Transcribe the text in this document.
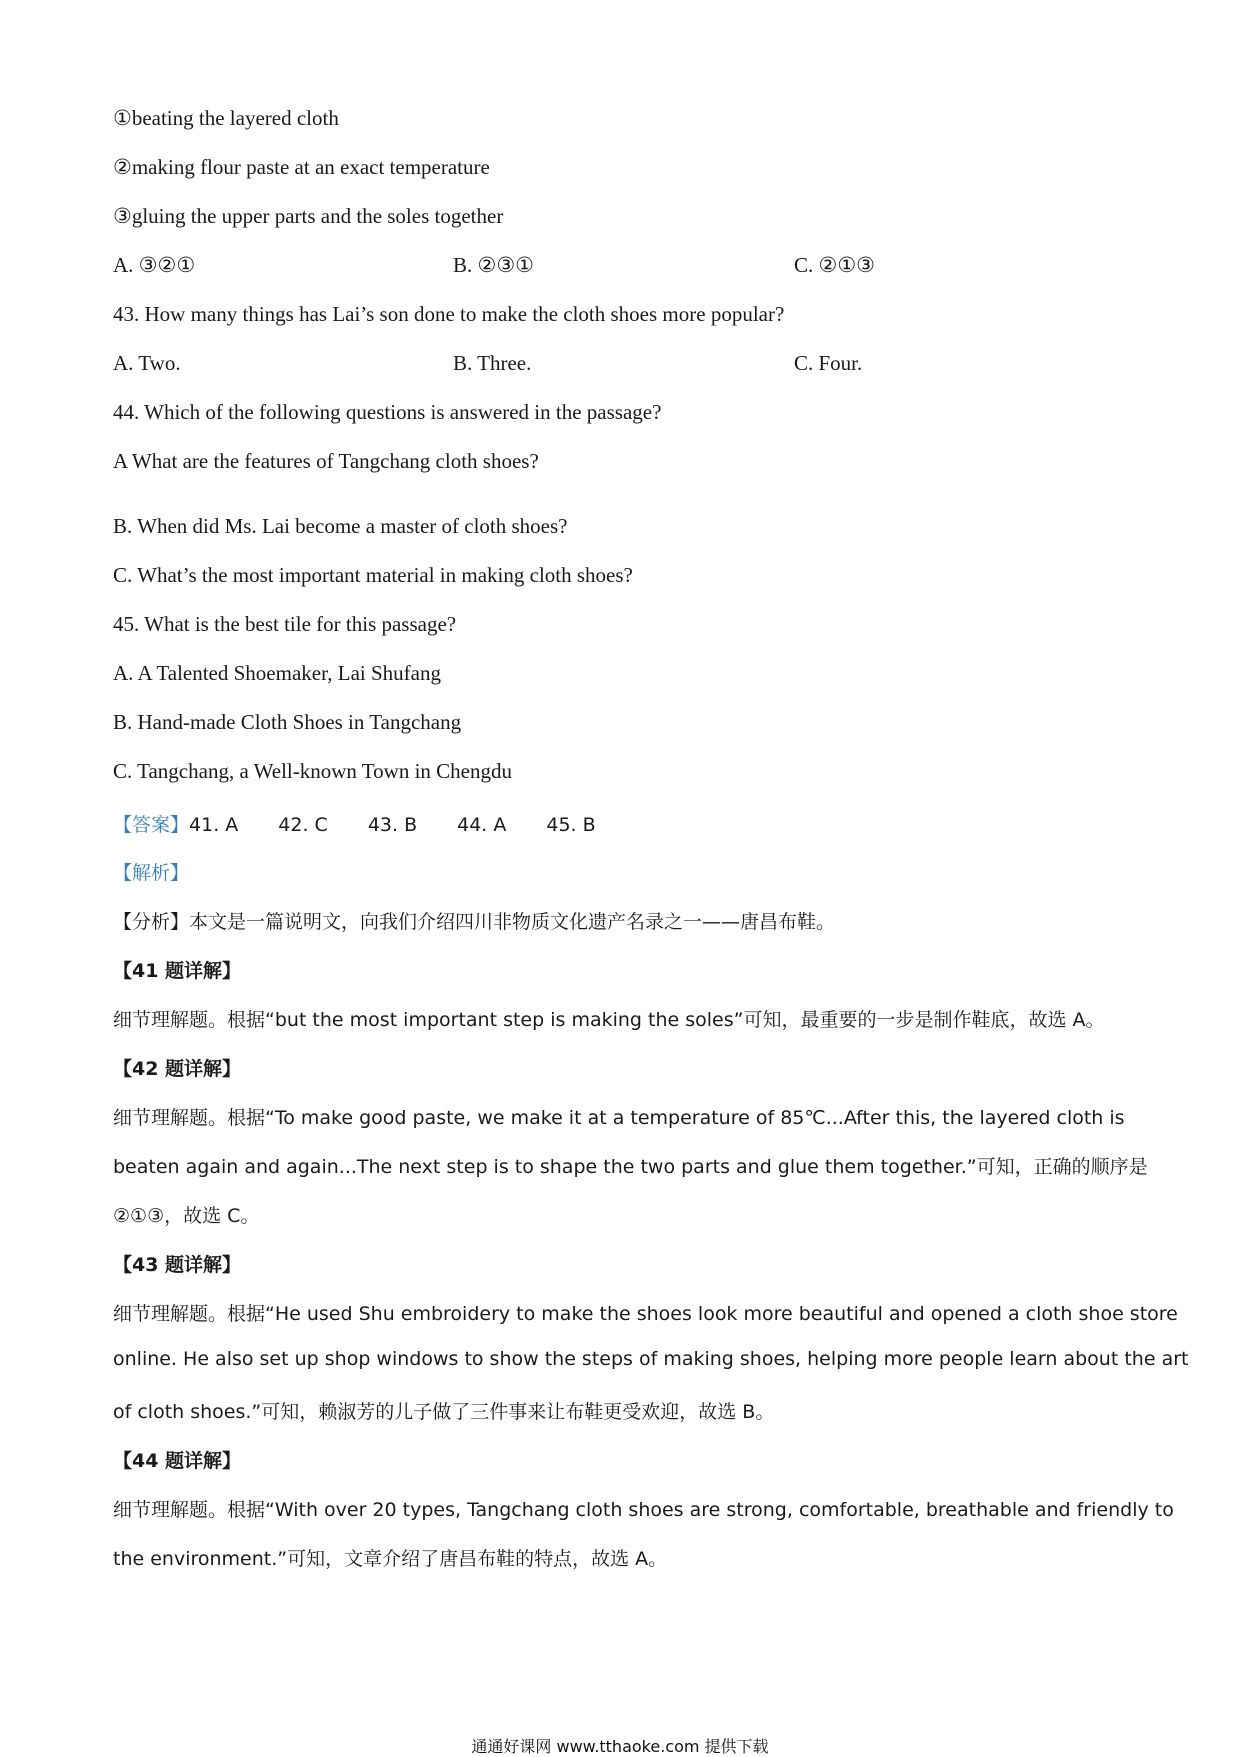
①beating the layered cloth
②making flour paste at an exact temperature
③gluing the upper parts and the soles together
A. ③②①	B. ②③①	C. ②①③
43. How many things has Lai’s son done to make the cloth shoes more popular?
A. Two.	B. Three.	C. Four.
44. Which of the following questions is answered in the passage?
A What are the features of Tangchang cloth shoes?
B. When did Ms. Lai become a master of cloth shoes?
C. What’s the most important material in making cloth shoes?
45. What is the best tile for this passage?
A. A Talented Shoemaker, Lai Shufang
B. Hand-made Cloth Shoes in Tangchang
C. Tangchang, a Well-known Town in Chengdu
【答案】41. A 42. C 43. B 44. A 45. B
【解析】
【分析】本文是一篇说明文，向我们介绍四川非物质文化遗产名录之一——唐昌布鞋。
【41 题详解】
细节理解题。根据“but the most important step is making the soles”可知，最重要的一步是制作鞋底，故选 A。
【42 题详解】
细节理解题。根据“To make good paste, we make it at a temperature of 85℃...After this, the layered cloth is
beaten again and again...The next step is to shape the two parts and glue them together.”可知，正确的顺序是
②①③，故选 C。
【43 题详解】
细节理解题。根据“He used Shu embroidery to make the shoes look more beautiful and opened a cloth shoe store
online. He also set up shop windows to show the steps of making shoes, helping more people learn about the art
of cloth shoes.”可知，赖淑芳的儿子做了三件事来让布鞋更受欢迎，故选 B。
【44 题详解】
细节理解题。根据“With over 20 types, Tangchang cloth shoes are strong, comfortable, breathable and friendly to
the environment.”可知，文章介绍了唐昌布鞋的特点，故选 A。
通通好课网 www.tthaoke.com 提供下载
